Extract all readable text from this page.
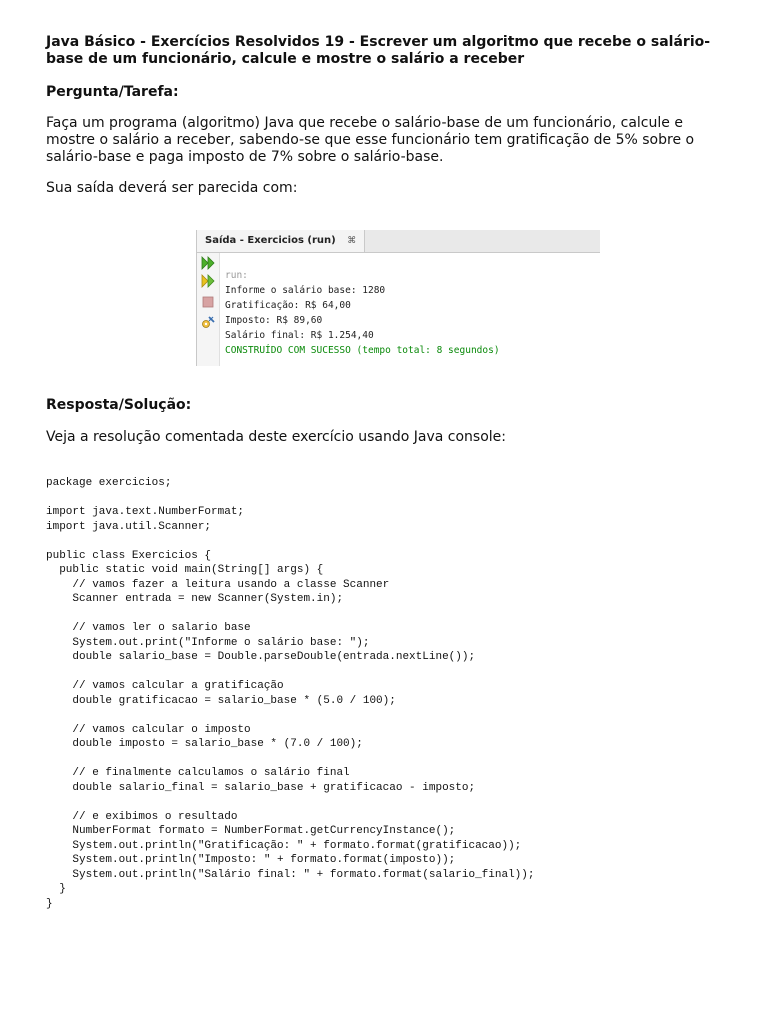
Java Básico - Exercícios Resolvidos 19 - Escrever um algoritmo que recebe o salário-base de um funcionário, calcule e mostre o salário a receber
Pergunta/Tarefa:
Faça um programa (algoritmo) Java que recebe o salário-base de um funcionário, calcule e mostre o salário a receber, sabendo-se que esse funcionário tem gratificação de 5% sobre o salário-base e paga imposto de 7% sobre o salário-base.
Sua saída deverá ser parecida com:
Saída - Exercicios (run) ⌘

run:
Informe o salário base: 1280
Gratificação: R$ 64,00
Imposto: R$ 89,60
Salário final: R$ 1.254,40
CONSTRUÍDO COM SUCESSO (tempo total: 8 segundos)
Resposta/Solução:
Veja a resolução comentada deste exercício usando Java console:
package exercicios;

import java.text.NumberFormat;
import java.util.Scanner;

public class Exercicios {
public static void main(String[] args) {
// vamos fazer a leitura usando a classe Scanner
Scanner entrada = new Scanner(System.in);

// vamos ler o salario base
System.out.print("Informe o salário base: ");
double salario_base = Double.parseDouble(entrada.nextLine());

// vamos calcular a gratificação
double gratificacao = salario_base * (5.0 / 100);

// vamos calcular o imposto
double imposto = salario_base * (7.0 / 100);

// e finalmente calculamos o salário final
double salario_final = salario_base + gratificacao - imposto;

// e exibimos o resultado
NumberFormat formato = NumberFormat.getCurrencyInstance();
System.out.println("Gratificação: " + formato.format(gratificacao));
System.out.println("Imposto: " + formato.format(imposto));
System.out.println("Salário final: " + formato.format(salario_final));
}
}
